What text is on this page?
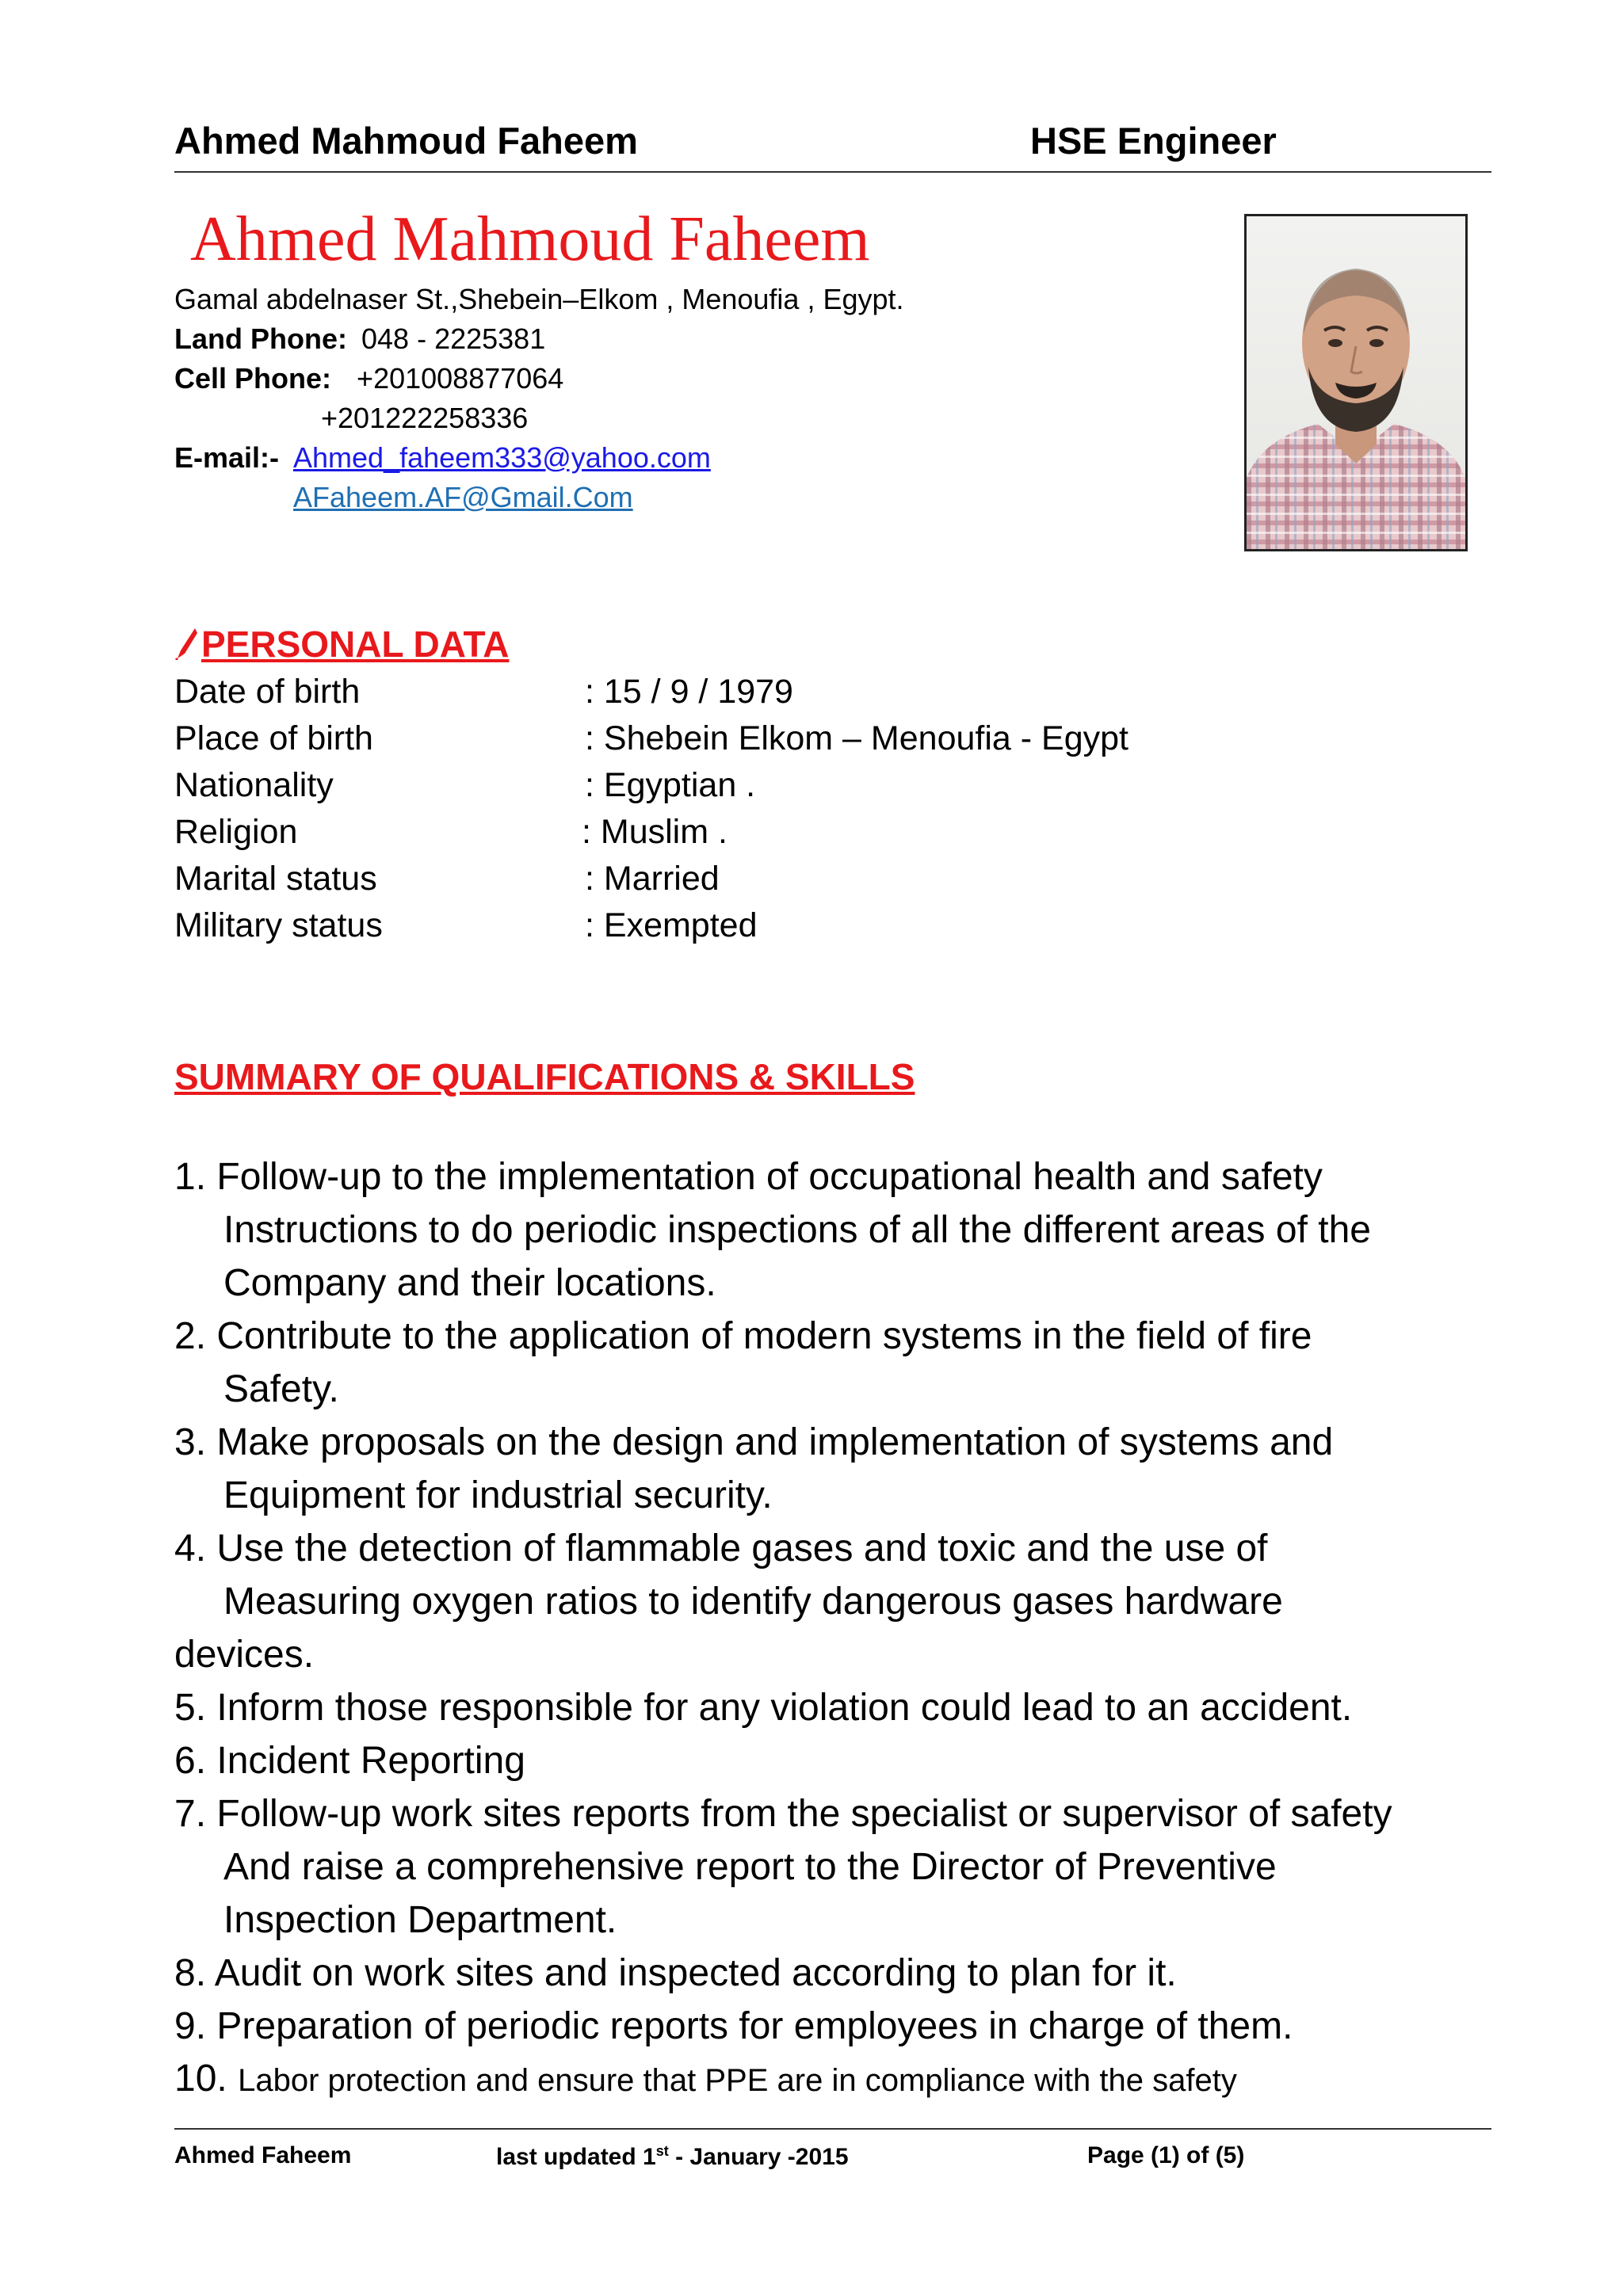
Ahmed Mahmoud Faheem	HSE Engineer
Ahmed Mahmoud Faheem
Gamal abdelnaser St.,Shebein–Elkom , Menoufia , Egypt.
Land Phone: 048 - 2225381
Cell Phone: +201008877064
+201222258336
E-mail:- Ahmed_faheem333@yahoo.com
AFaheem.AF@Gmail.Com
PERSONAL DATA
Date of birth	: 15 / 9 / 1979
Place of birth	: Shebein Elkom – Menoufia - Egypt
Nationality	: Egyptian .
Religion	: Muslim .
Marital status	: Married
Military status	: Exempted
SUMMARY OF QUALIFICATIONS & SKILLS
1. Follow-up to the implementation of occupational health and safety
Instructions to do periodic inspections of all the different areas of the
Company and their locations.
2. Contribute to the application of modern systems in the field of fire
Safety.
3. Make proposals on the design and implementation of systems and
Equipment for industrial security.
4. Use the detection of flammable gases and toxic and the use of
Measuring oxygen ratios to identify dangerous gases hardware
devices.
5. Inform those responsible for any violation could lead to an accident.
6. Incident Reporting
7. Follow-up work sites reports from the specialist or supervisor of safety
And raise a comprehensive report to the Director of Preventive
Inspection Department.
8. Audit on work sites and inspected according to plan for it.
9. Preparation of periodic reports for employees in charge of them.
10. Labor protection and ensure that PPE are in compliance with the safety
Ahmed Faheem	last updated 1st - January -2015	Page (1) of (5)
